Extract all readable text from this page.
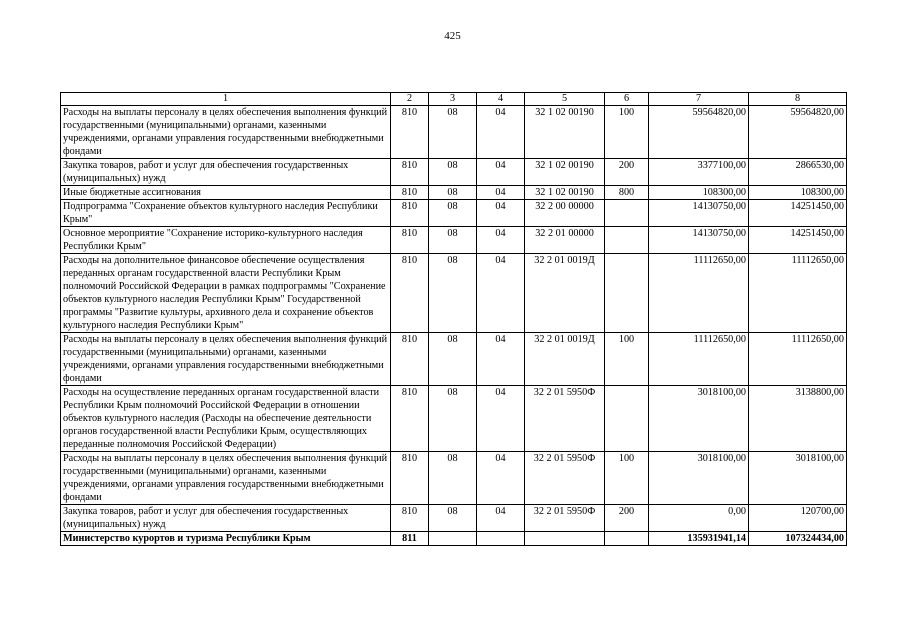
425
1	2	3	4	5	6	7	8
Расходы на выплаты персоналу в целях обеспечения выполнения функций государственными (муниципальными) органами, казенными учреждениями, органами управления государственными внебюджетными фондами	810	08	04	32 1 02 00190	100	59564820,00	59564820,00
Закупка товаров, работ и услуг для обеспечения государственных (муниципальных) нужд	810	08	04	32 1 02 00190	200	3377100,00	2866530,00
Иные бюджетные ассигнования	810	08	04	32 1 02 00190	800	108300,00	108300,00
Подпрограмма "Сохранение объектов культурного наследия Республики Крым"	810	08	04	32 2 00 00000		14130750,00	14251450,00
Основное мероприятие "Сохранение историко-культурного наследия Республики Крым"	810	08	04	32 2 01 00000		14130750,00	14251450,00
Расходы на дополнительное финансовое обеспечение осуществления переданных органам государственной власти Республики Крым полномочий Российской Федерации в рамках подпрограммы "Сохранение объектов культурного наследия Республики Крым" Государственной программы "Развитие культуры, архивного дела и сохранение объектов культурного наследия Республики Крым"	810	08	04	32 2 01 0019Д		11112650,00	11112650,00
Расходы на выплаты персоналу в целях обеспечения выполнения функций государственными (муниципальными) органами, казенными учреждениями, органами управления государственными внебюджетными фондами	810	08	04	32 2 01 0019Д	100	11112650,00	11112650,00
Расходы на осуществление переданных органам государственной власти Республики Крым полномочий Российской Федерации в отношении объектов культурного наследия (Расходы на обеспечение деятельности органов государственной власти Республики Крым, осуществляющих переданные полномочия Российской Федерации)	810	08	04	32 2 01 5950Ф		3018100,00	3138800,00
Расходы на выплаты персоналу в целях обеспечения выполнения функций государственными (муниципальными) органами, казенными учреждениями, органами управления государственными внебюджетными фондами	810	08	04	32 2 01 5950Ф	100	3018100,00	3018100,00
Закупка товаров, работ и услуг для обеспечения государственных (муниципальных) нужд	810	08	04	32 2 01 5950Ф	200	0,00	120700,00
Министерство курортов и туризма Республики Крым	811					135931941,14	107324434,00
